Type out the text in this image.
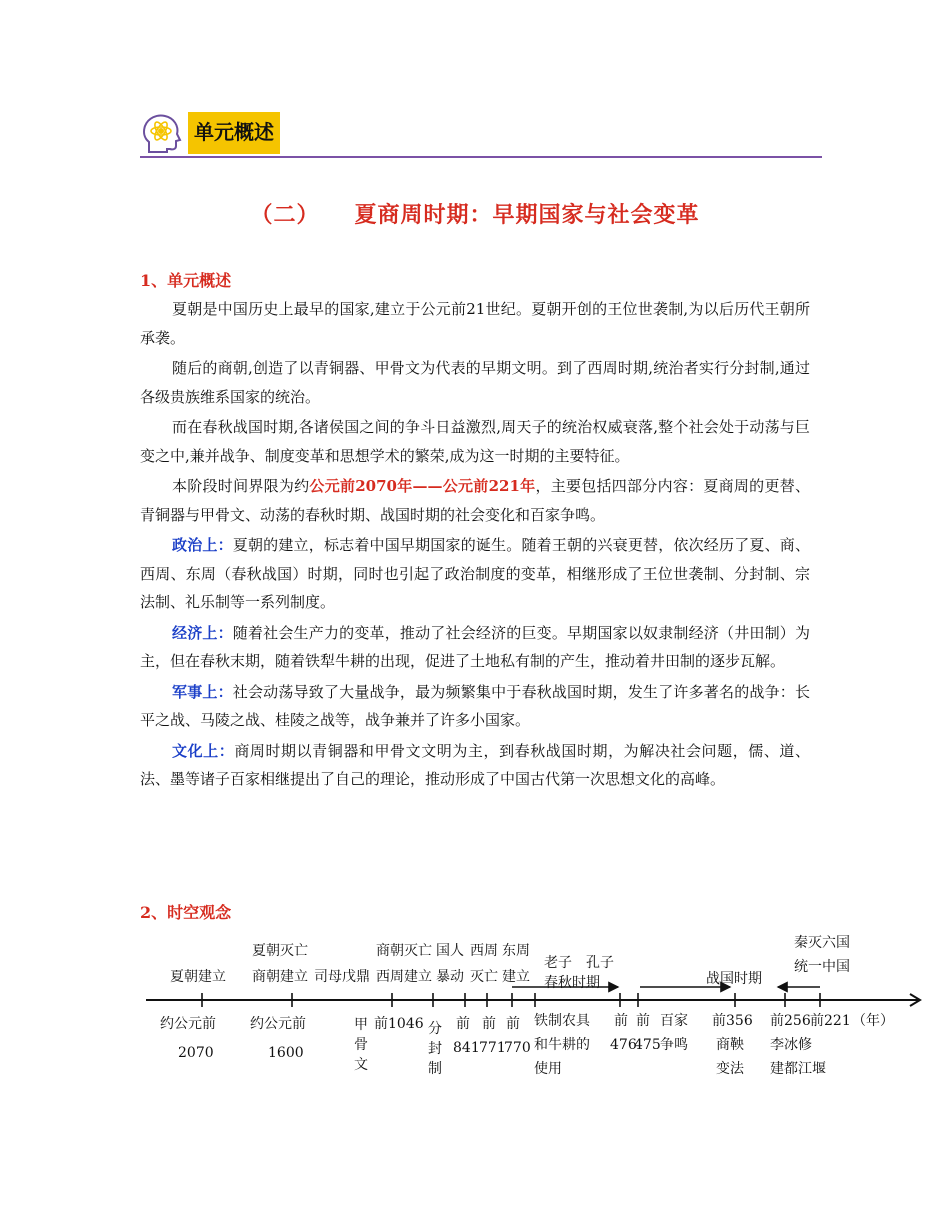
单元概述
（二）　　夏商周时期：早期国家与社会变革
1、单元概述

夏朝是中国历史上最早的国家,建立于公元前21世纪。夏朝开创的王位世袭制,为以后历代王朝所承袭。

随后的商朝,创造了以青铜器、甲骨文为代表的早期文明。到了西周时期,统治者实行分封制,通过各级贵族维系国家的统治。

而在春秋战国时期,各诸侯国之间的争斗日益激烈,周天子的统治权威衰落,整个社会处于动荡与巨变之中,兼并战争、制度变革和思想学术的繁荣,成为这一时期的主要特征。

本阶段时间界限为约公元前2070年——公元前221年，主要包括四部分内容：夏商周的更替、青铜器与甲骨文、动荡的春秋时期、战国时期的社会变化和百家争鸣。

政治上：夏朝的建立，标志着中国早期国家的诞生。随着王朝的兴衰更替，依次经历了夏、商、西周、东周（春秋战国）时期，同时也引起了政治制度的变革，相继形成了王位世袭制、分封制、宗法制、礼乐制等一系列制度。

经济上：随着社会生产力的变革，推动了社会经济的巨变。早期国家以奴隶制经济（井田制）为主，但在春秋末期，随着铁犁牛耕的出现，促进了土地私有制的产生，推动着井田制的逐步瓦解。

军事上：社会动荡导致了大量战争，最为频繁集中于春秋战国时期，发生了许多著名的战争：长平之战、马陵之战、桂陵之战等，战争兼并了许多小国家。

文化上：商周时期以青铜器和甲骨文文明为主，到春秋战国时期，为解决社会问题，儒、道、法、墨等诸子百家相继提出了自己的理论，推动形成了中国古代第一次思想文化的高峰。

2、时空观念
夏朝建立
夏朝灭亡
商朝建立 司母戊鼎
商朝灭亡
西周建立
国人
暴动
西周
灭亡
东周
建立
老子 孔子
春秋时期	战国时期
秦灭六国
统一中国
约公元前
2070
约公元前
1600
甲
骨
文
前1046 分
封
制
前 前 前
841 771
770
铁制农具
和牛耕的
使用
前 前
476
475
百家
争鸣
前356
商鞅
变法
前256
李冰修
建都江堰
前221 （年）
